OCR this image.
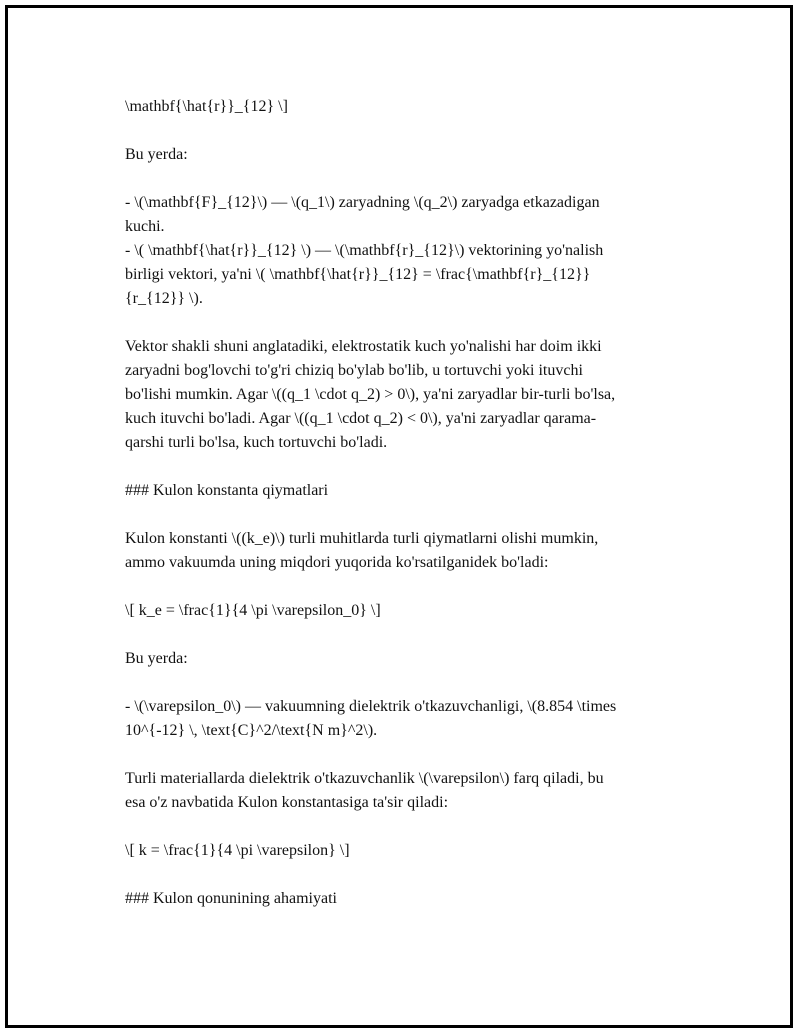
\mathbf{\hat{r}}_{12} \]
Bu yerda:
- \(\mathbf{F}_{12}\) — \(q_1\) zaryadning \(q_2\) zaryadga etkazadigan
kuchi.
- \( \mathbf{\hat{r}}_{12} \) — \(\mathbf{r}_{12}\) vektorining yo'nalish
birligi vektori, ya'ni \( \mathbf{\hat{r}}_{12} = \frac{\mathbf{r}_{12}}
{r_{12}} \).
Vektor shakli shuni anglatadiki, elektrostatik kuch yo'nalishi har doim ikki
zaryadni bog'lovchi to'g'ri chiziq bo'ylab bo'lib, u tortuvchi yoki ituvchi
bo'lishi mumkin. Agar \((q_1 \cdot q_2) > 0\), ya'ni zaryadlar bir-turli bo'lsa,
kuch ituvchi bo'ladi. Agar \((q_1 \cdot q_2) < 0\), ya'ni zaryadlar qarama-
qarshi turli bo'lsa, kuch tortuvchi bo'ladi.
### Kulon konstanta qiymatlari
Kulon konstanti \((k_e)\) turli muhitlarda turli qiymatlarni olishi mumkin,
ammo vakuumda uning miqdori yuqorida ko'rsatilganidek bo'ladi:
\[ k_e = \frac{1}{4 \pi \varepsilon_0} \]
Bu yerda:
- \(\varepsilon_0\) — vakuumning dielektrik o'tkazuvchanligi, \(8.854 \times
10^{-12} \, \text{C}^2/\text{N m}^2\).
Turli materiallarda dielektrik o'tkazuvchanlik \(\varepsilon\) farq qiladi, bu
esa o'z navbatida Kulon konstantasiga ta'sir qiladi:
\[ k = \frac{1}{4 \pi \varepsilon} \]
### Kulon qonunining ahamiyati
